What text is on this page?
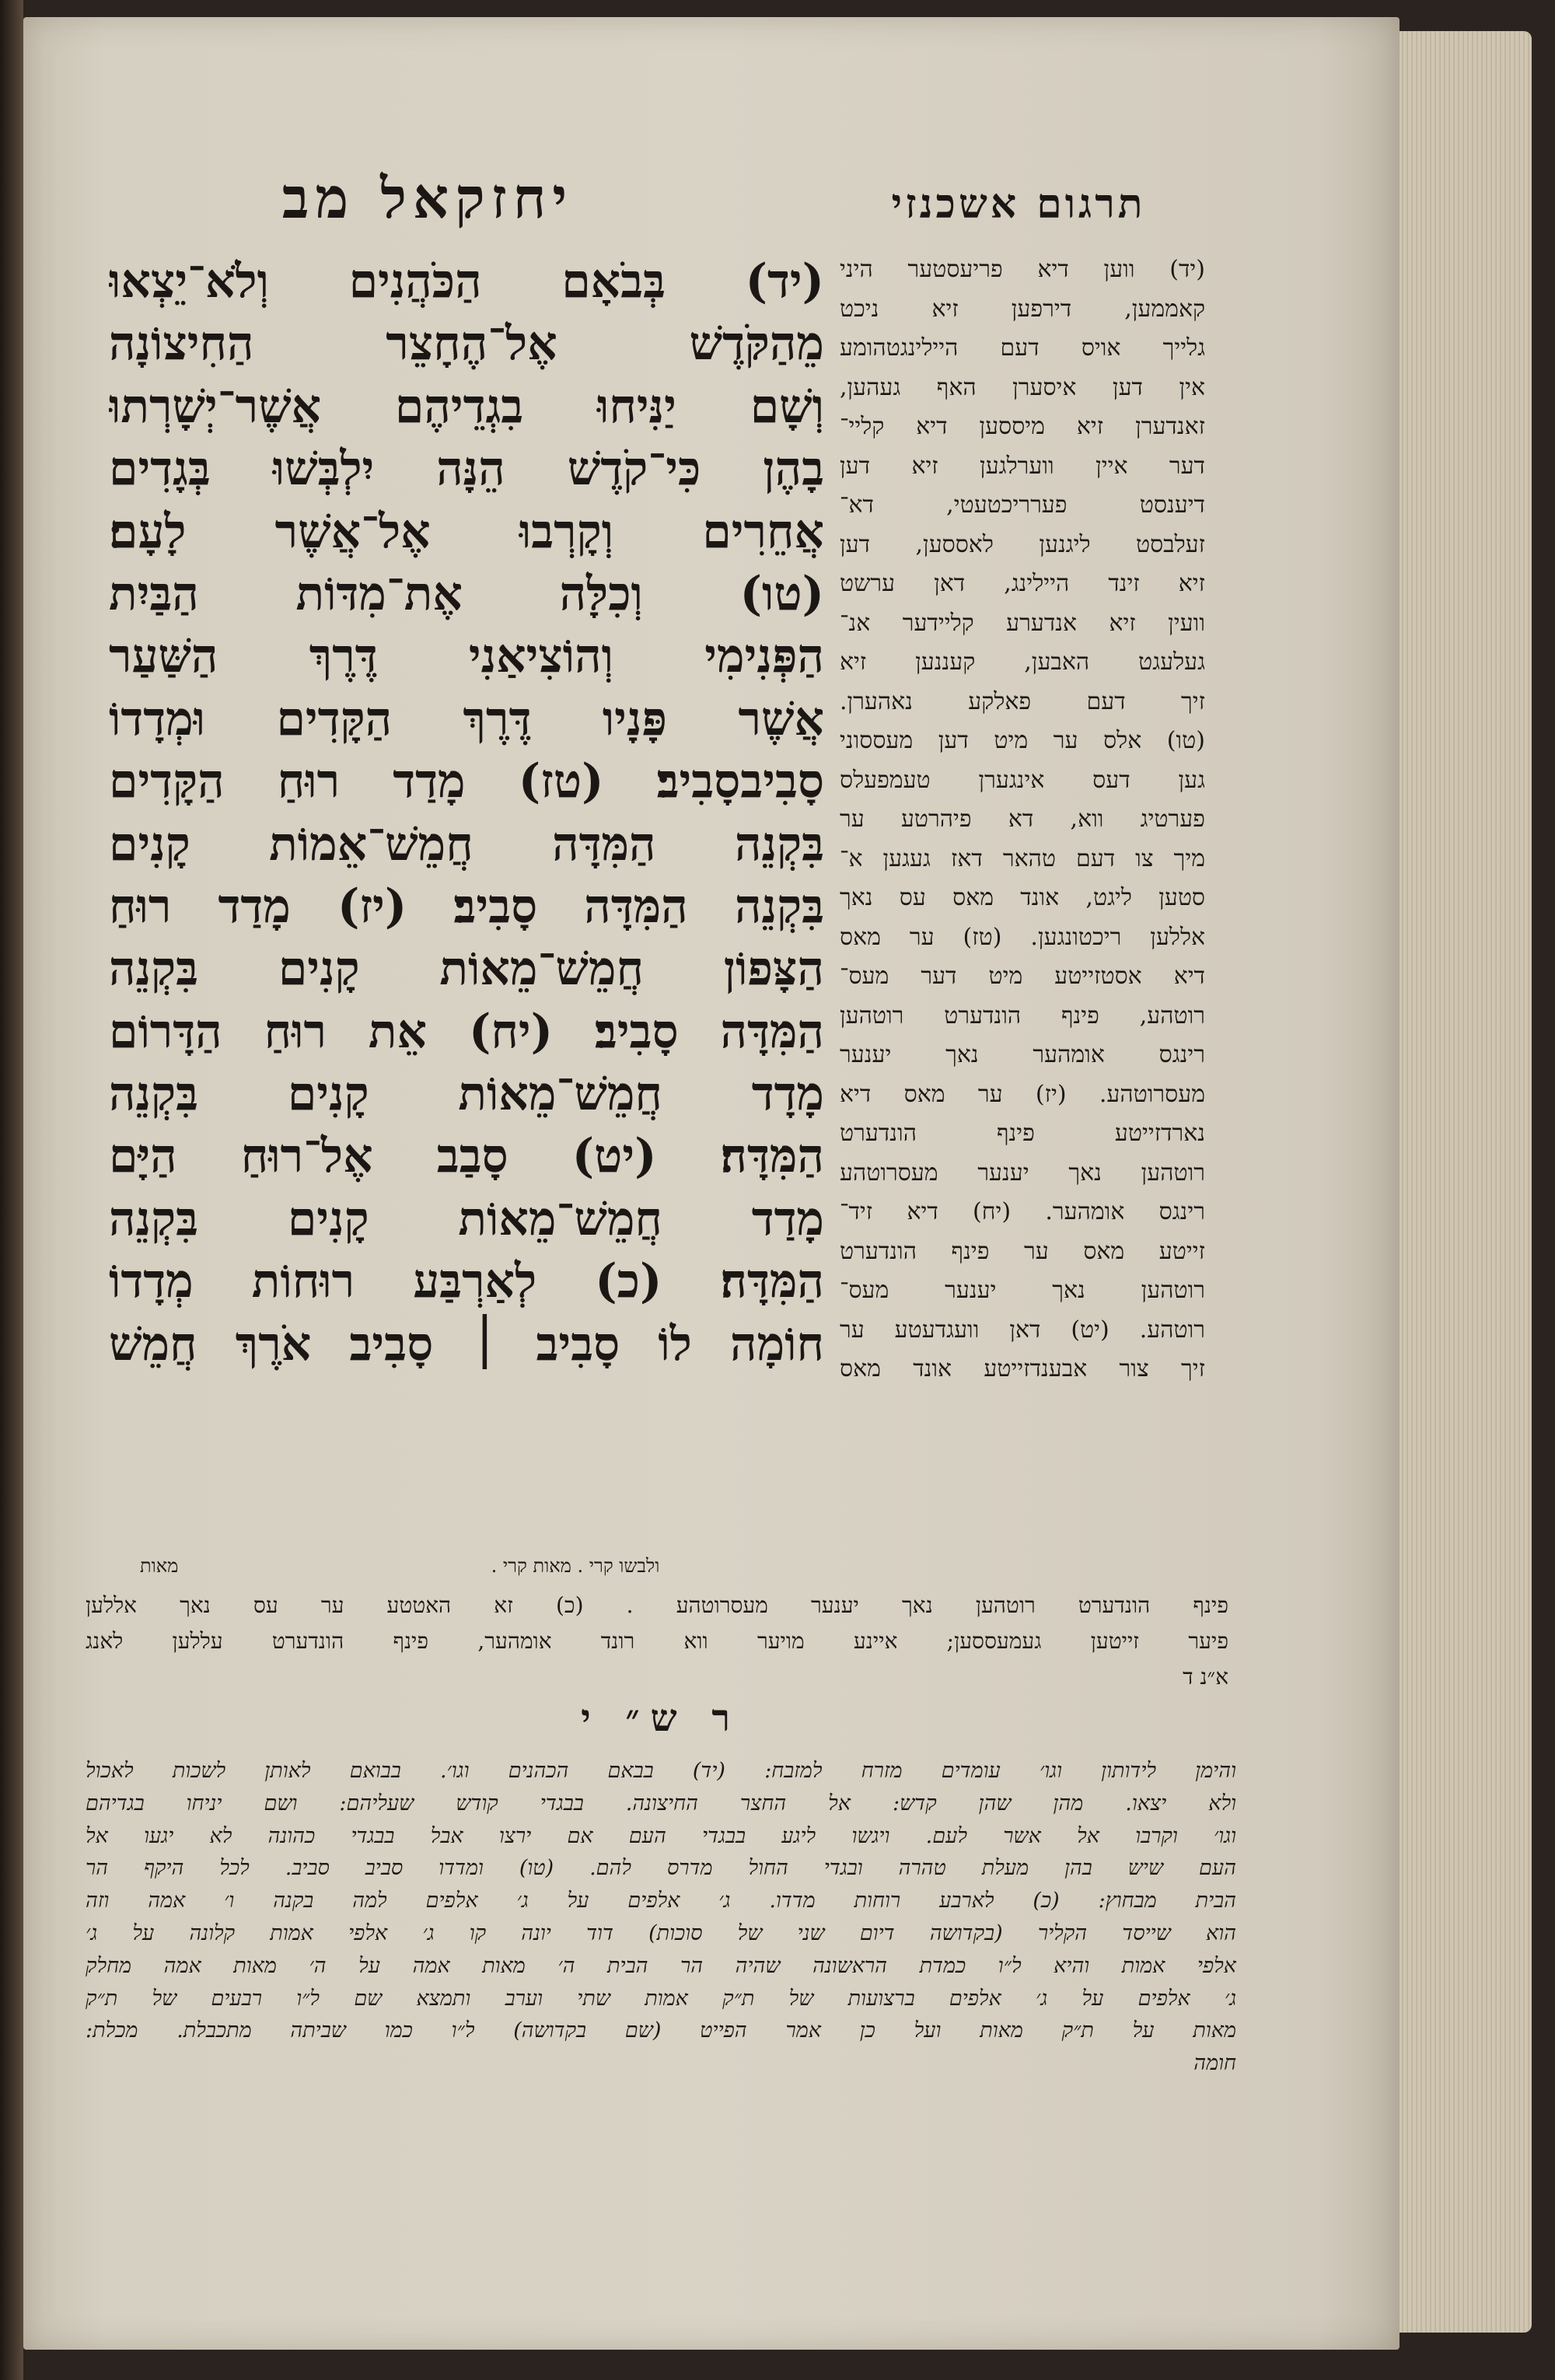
יחזקאל מב	תרגום אשכנזי
(יד) בְּבֹאָם הַכֹּהֲנִים וְלֹא־יֵצְאוּ
מֵהַקֹּדֶשׁ אֶל־הֶחָצֵר הַחִיצוֹנָה
וְשָׁם יַנִּיחוּ בִגְדֵיהֶם אֲשֶׁר־יְשָׁרְתוּ
בָהֶן כִּי־קֹדֶשׁ הֵנָּה יִלְבְּשׁוּ בְּגָדִים
אֲחֵרִים וְקָרְבוּ אֶל־אֲשֶׁר לָעָם׃
(טו) וְכִלָּה אֶת־מִדּוֹת הַבַּיִת
הַפְּנִימִי וְהוֹצִיאַנִי דֶּרֶךְ הַשַּׁעַר
אֲשֶׁר פָּנָיו דֶּרֶךְ הַקָּדִים וּמְדָדוֹ
סָבִיבסָבִיב׃ (טז) מָדַד רוּחַ הַקָּדִים
בִּקְנֵה הַמִּדָּה חֲמֵשׁ־אֵמוֹת קָנִים
בִּקְנֵה הַמִּדָּה סָבִיב׃ (יז) מָדַד רוּחַ
הַצָּפוֹן חֲמֵשׁ־מֵאוֹת קָנִים בִּקְנֵה
הַמִּדָּה סָבִיב׃ (יח) אֵת רוּחַ הַדָּרוֹם
מָדָד חֲמֵשׁ־מֵאוֹת קָנִים בִּקְנֵה
הַמִּדָּה׃ (יט) סָבַב אֶל־רוּחַ הַיָּם
מָדַד חֲמֵשׁ־מֵאוֹת קָנִים בִּקְנֵה
הַמִּדָּה׃ (כ) לְאַרְבַּע רוּחוֹת מְדָדוֹ
חוֹמָה לוֹ סָבִיב ׀ סָבִיב אֹרֶךְ חֲמֵשׁ
(יד) ווען דיא פריעסטער היני
קאממען, דירפען זיא ניכט
גלייך אויס דעם היילינגטהומע
אין דען איסערן האף געהען,
זאנדערן זיא מיססען דיא קליי־
דער איין ווערלגען זיא דען
דיענסט פערריכטעטי, דא־
זעלבסט ליגנען לאססען, דען
זיא זינד היילינג, דאן ערשט
וועין זיא אנדערע קליידער אנ־
געלעגט האבען, קעננען זיא
זיך דעם פאלקע נאהערן.
(טו) אלס ער מיט דען מעססוני
גען דעס אינגערן טעמפעלס
פערטיג ווא, דא פיהרטע ער
מיך צו דעם טהאר דאז געגען א־
סטען ליגט, אונד מאס עס נאך
אללען ריכטונגען. (טז) ער מאס
דיא אסטזייטע מיט דער מעס־
רוטהע, פינף הונדערט רוטהען
רינגס אומהער נאך יענער
מעסרוטהע. (יז) ער מאס דיא
נארדזייטע פינף הונדערט
רוטהען נאך יענער מעסרוטהע
רינגס אומהער. (יח) דיא זיד־
זייטע מאס ער פינף הונדערט
רוטהען נאך יענער מעס־
רוטהע. (יט) דאן וועגדעטע ער
זיך צור אבענדזייטע אונד מאס
ולבשו קרי . מאות קרי .
מאות
פינף הונדערט רוטהען נאך יענער מעסרוטהע . (כ) זא האטטע ער עס נאך אללען
פיער זייטען געמעססען; איינע מויער ווא רונד אומהער, פינף הונדערט עללען לאנג
א״נ ד
ר ש״ י
והימן לידותון וגו׳ עומדים מזרח למזבח: (יד) בבאם הכהנים וגו׳. בבואם לאותן לשכות לאכול
ולא יצאו. מהן שהן קדש: אל החצר החיצונה. בבגדי קודש שעליהם: ושם יניחו בגדיהם
וגו׳ וקרבו אל אשר לעם. ויגשו ליגע בבגדי העם אם ירצו אבל בבגדי כהונה לא יגעו אל
העם שיש בהן מעלת טהרה ובגדי החול מדרס להם. (טו) ומדדו סביב סביב. לכל היקף הר
הבית מבחוץ: (כ) לארבע רוחות מדדו. ג׳ אלפים על ג׳ אלפים למה בקנה ו׳ אמה וזה
הוא שייסד הקליר (בקדושה דיום שני של סוכות) דוד יונה קו ג׳ אלפי אמות קלונה על ג׳
אלפי אמות והיא ל״ו כמדת הראשונה שהיה הר הבית ה׳ מאות אמה על ה׳ מאות אמה מחלק
ג׳ אלפים על ג׳ אלפים ברצועות של ת״ק אמות שתי וערב ותמצא שם ל״ו רבעים של ת״ק
מאות על ת״ק מאות ועל כן אמר הפייט (שם בקדושה) ל״ו כמו שביתה מתכבלת. מכלת:
חומה
